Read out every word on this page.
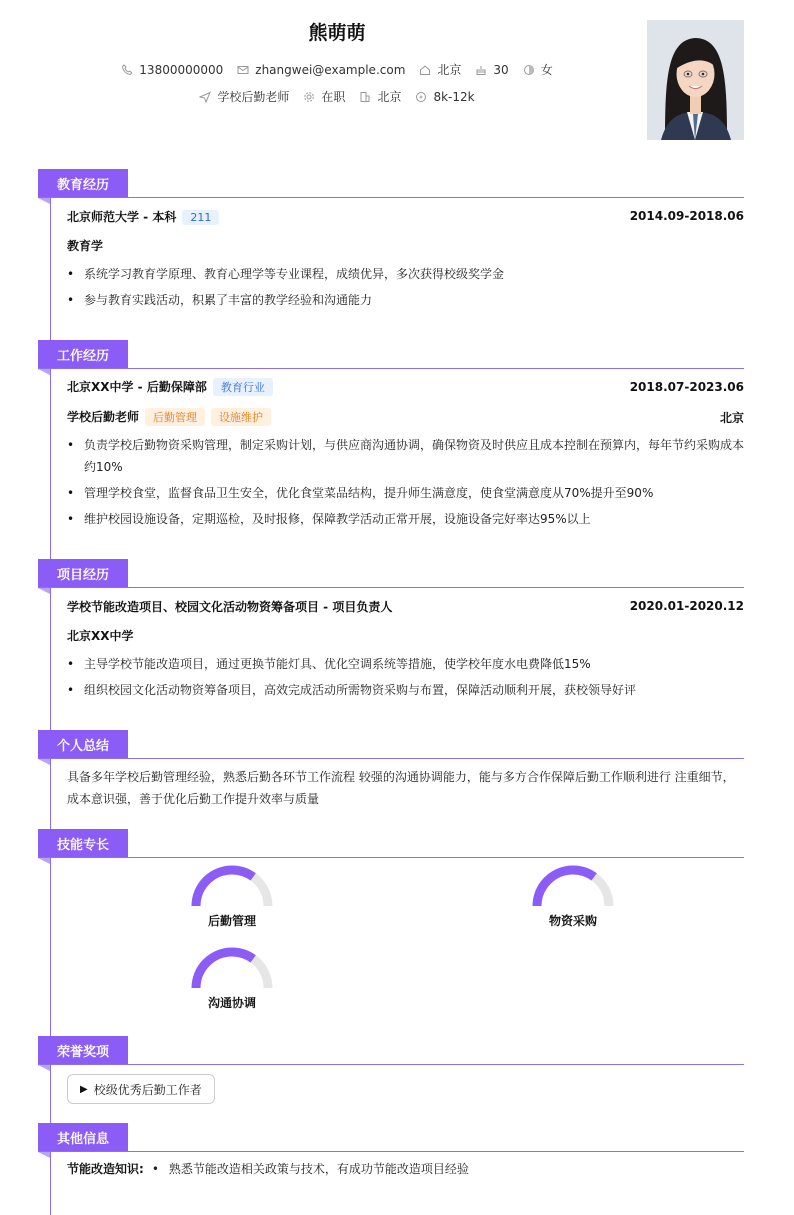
熊萌萌
13800000000	zhangwei@example.com	北京	30	女
学校后勤老师	在职	北京	8k-12k
教育经历
北京师范大学 - 本科 211	2014.09-2018.06
教育学
• 系统学习教育学原理、教育心理学等专业课程，成绩优异，多次获得校级奖学金
• 参与教育实践活动，积累了丰富的教学经验和沟通能力
工作经历
北京XX中学 - 后勤保障部 教育行业	2018.07-2023.06
学校后勤老师 后勤管理 设施维护	北京
• 负责学校后勤物资采购管理，制定采购计划，与供应商沟通协调，确保物资及时供应且成本控制在预算内，每年节约采购成本约10%
• 管理学校食堂，监督食品卫生安全，优化食堂菜品结构，提升师生满意度，使食堂满意度从70%提升至90%
• 维护校园设施设备，定期巡检，及时报修，保障教学活动正常开展，设施设备完好率达95%以上
项目经历
学校节能改造项目、校园文化活动物资筹备项目 - 项目负责人	2020.01-2020.12
北京XX中学
• 主导学校节能改造项目，通过更换节能灯具、优化空调系统等措施，使学校年度水电费降低15%
• 组织校园文化活动物资筹备项目，高效完成活动所需物资采购与布置，保障活动顺利开展，获校领导好评
个人总结
具备多年学校后勤管理经验，熟悉后勤各环节工作流程 较强的沟通协调能力，能与多方合作保障后勤工作顺利进行 注重细节，成本意识强，善于优化后勤工作提升效率与质量
技能专长
后勤管理	物资采购
沟通协调
荣誉奖项
▶ 校级优秀后勤工作者
其他信息
节能改造知识: • 熟悉节能改造相关政策与技术，有成功节能改造项目经验
